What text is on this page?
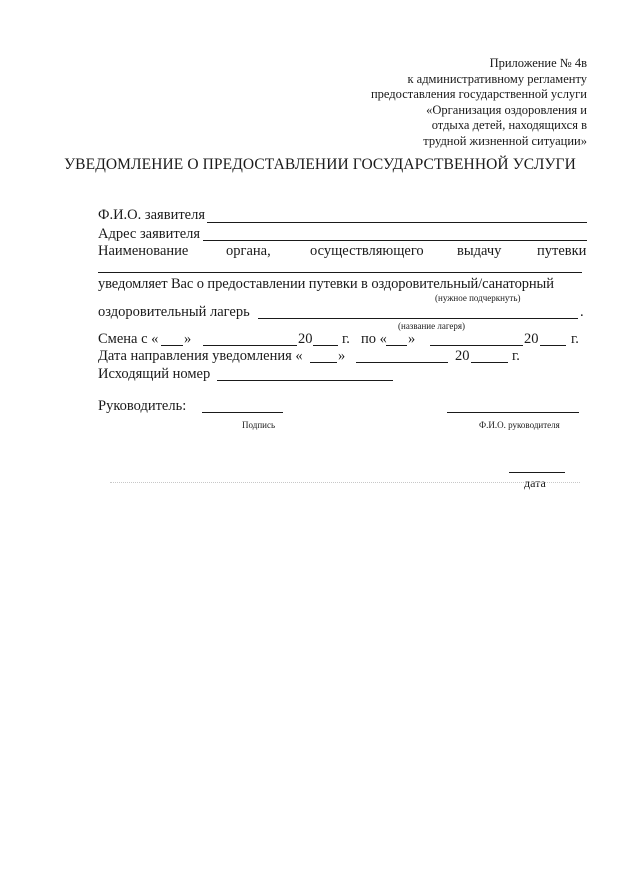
Приложение № 4в
к административному регламенту
предоставления государственной услуги
«Организация оздоровления и
отдыха детей, находящихся в
трудной жизненной ситуации»
УВЕДОМЛЕНИЕ О ПРЕДОСТАВЛЕНИИ ГОСУДАРСТВЕННОЙ УСЛУГИ
Ф.И.О. заявителя
Адрес заявителя
Наименование	органа,	осуществляющего выдачу путевки
уведомляет Вас о предоставлении путевки в оздоровительный/санаторный
(нужное подчеркнуть)
оздоровительный лагерь	.
(название лагеря)
Смена с « »	20 г. по « »	20 г.
Дата направления уведомления « »	20	г.
Исходящий номер
Руководитель:
Подпись	Ф.И.О. руководителя
дата
